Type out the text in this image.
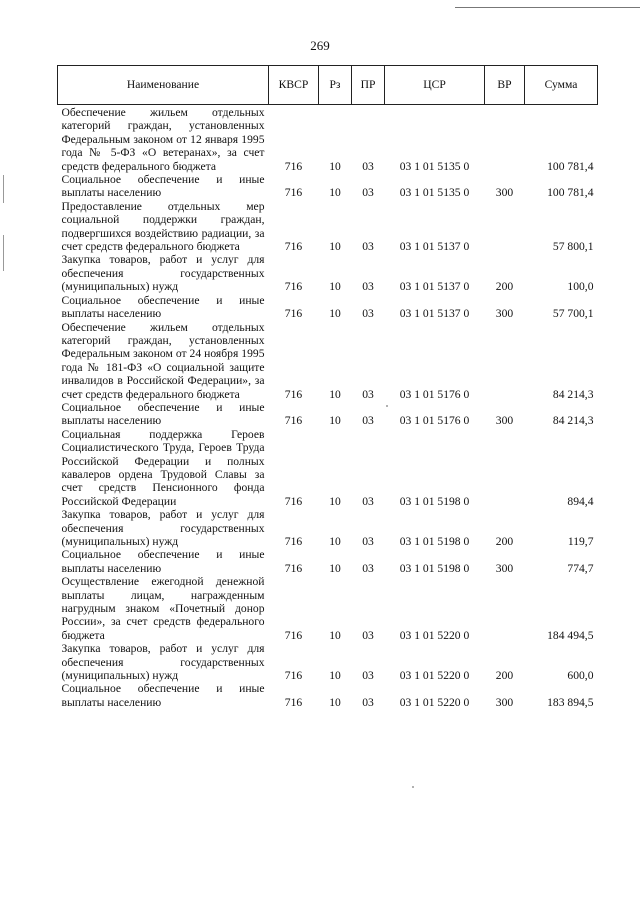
269
Наименование	КВСР	Рз	ПР	ЦСР	ВР	Сумма
Обеспечение жильем отдельных категорий граждан, установленных Федеральным законом от 12 января 1995 года № 5-ФЗ «О ветеранах», за счет средств федерального бюджета	716	10	03	03 1 01 5135 0		100 781,4
Социальное обеспечение и иные выплаты населению	716	10	03	03 1 01 5135 0	300	100 781,4
Предоставление отдельных мер социальной поддержки граждан, подвергшихся воздействию радиации, за счет средств федерального бюджета	716	10	03	03 1 01 5137 0		57 800,1
Закупка товаров, работ и услуг для обеспечения государственных (муниципальных) нужд	716	10	03	03 1 01 5137 0	200	100,0
Социальное обеспечение и иные выплаты населению	716	10	03	03 1 01 5137 0	300	57 700,1
Обеспечение жильем отдельных категорий граждан, установленных Федеральным законом от 24 ноября 1995 года № 181-ФЗ «О социальной защите инвалидов в Российской Федерации», за счет средств федерального бюджета	716	10	03	03 1 01 5176 0		84 214,3
Социальное обеспечение и иные выплаты населению	716	10	03	03 1 01 5176 0	300	84 214,3
Социальная поддержка Героев Социалистического Труда, Героев Труда Российской Федерации и полных кавалеров ордена Трудовой Славы за счет средств Пенсионного фонда Российской Федерации	716	10	03	03 1 01 5198 0		894,4
Закупка товаров, работ и услуг для обеспечения государственных (муниципальных) нужд	716	10	03	03 1 01 5198 0	200	119,7
Социальное обеспечение и иные выплаты населению	716	10	03	03 1 01 5198 0	300	774,7
Осуществление ежегодной денежной выплаты лицам, награжденным нагрудным знаком «Почетный донор России», за счет средств федерального бюджета	716	10	03	03 1 01 5220 0		184 494,5
Закупка товаров, работ и услуг для обеспечения государственных (муниципальных) нужд	716	10	03	03 1 01 5220 0	200	600,0
Социальное обеспечение и иные выплаты населению	716	10	03	03 1 01 5220 0	300	183 894,5
